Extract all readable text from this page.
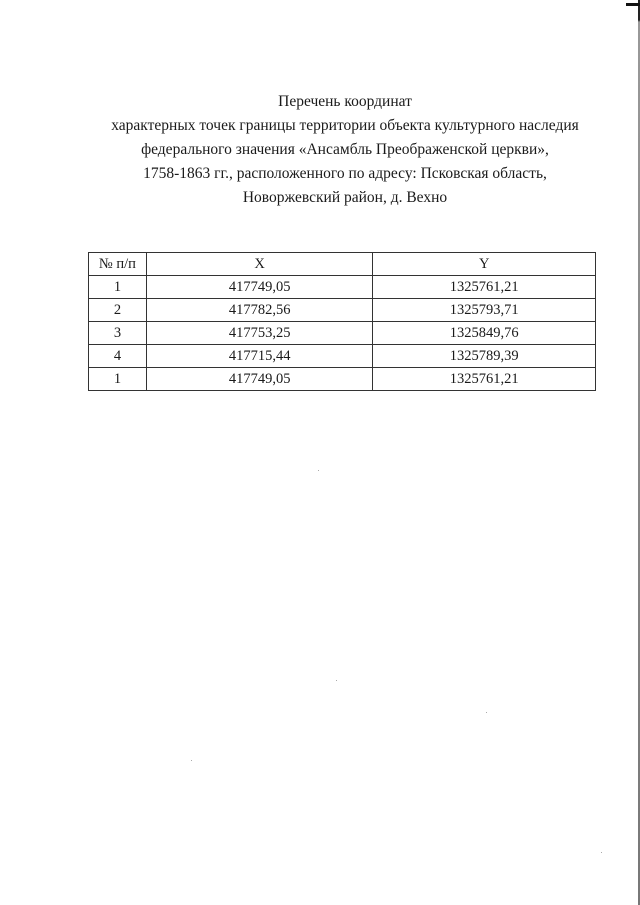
Перечень координат
характерных точек границы территории объекта культурного наследия
федерального значения «Ансамбль Преображенской церкви»,
1758-1863 гг., расположенного по адресу: Псковская область,
Новоржевский район, д. Вехно
№ п/п	X	Y
1	417749,05	1325761,21
2	417782,56	1325793,71
3	417753,25	1325849,76
4	417715,44	1325789,39
1	417749,05	1325761,21
